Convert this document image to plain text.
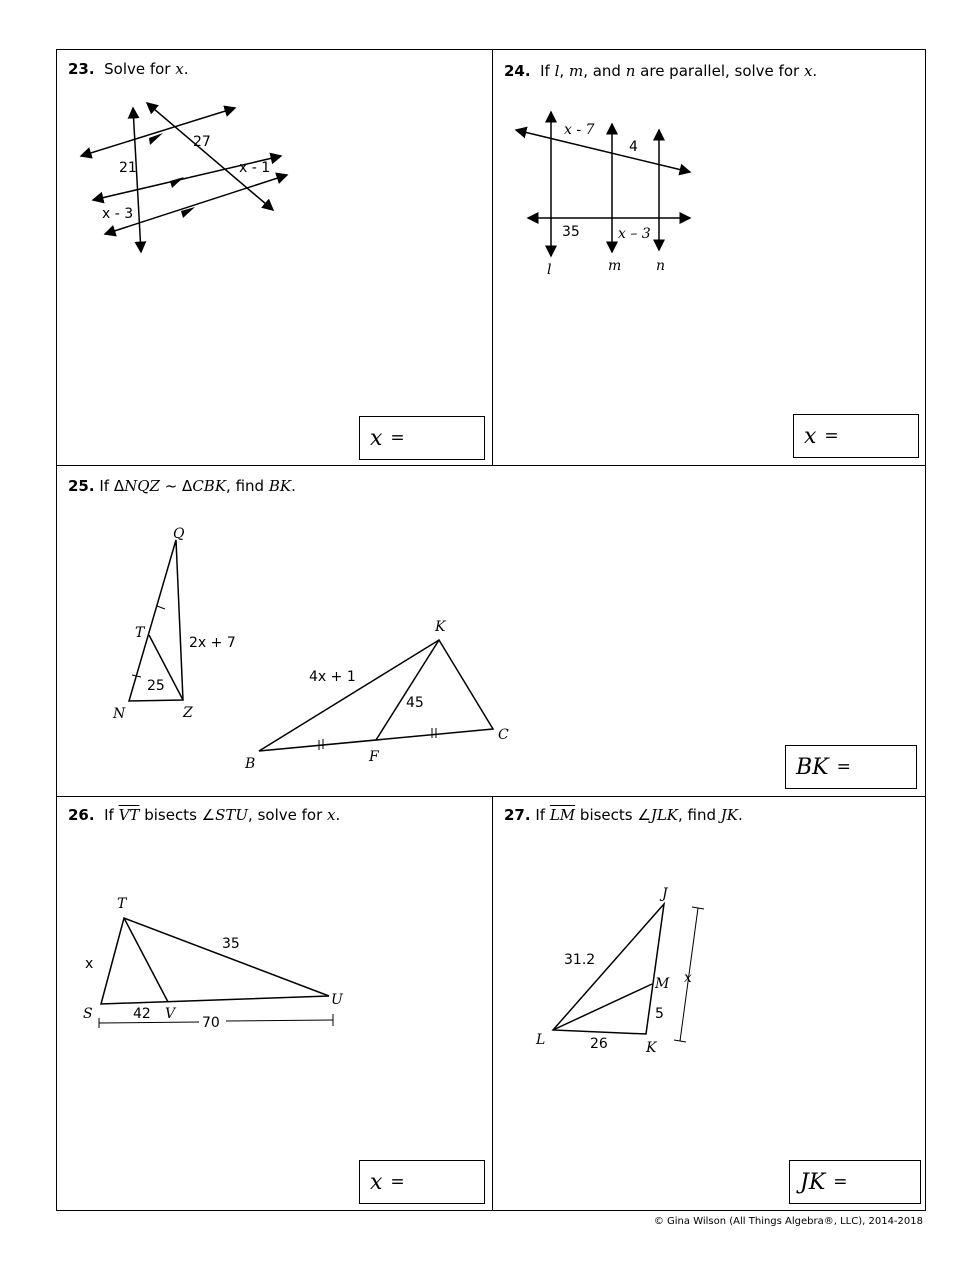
23.  Solve for x.
27
21	x - 1
x - 3
x =
24.  If l, m, and n are parallel, solve for x.
x - 7
4
35	x – 3
l	m n
x =
25. If ΔNQZ ~ ΔCBK, find BK.
Q
T
N	Z
2x + 7
25
K
B	F
C
4x + 1
45
BK =
26.  If $\overline{VT}$ bisects ∠STU, solve for x.
T
S	V
U
x
35
42
70
x =
27. If $\overline{LM}$ bisects ∠JLK, find JK.
J
M
L	K
31.2
5
26
x
JK =
© Gina Wilson (All Things Algebra®, LLC), 2014-2018
